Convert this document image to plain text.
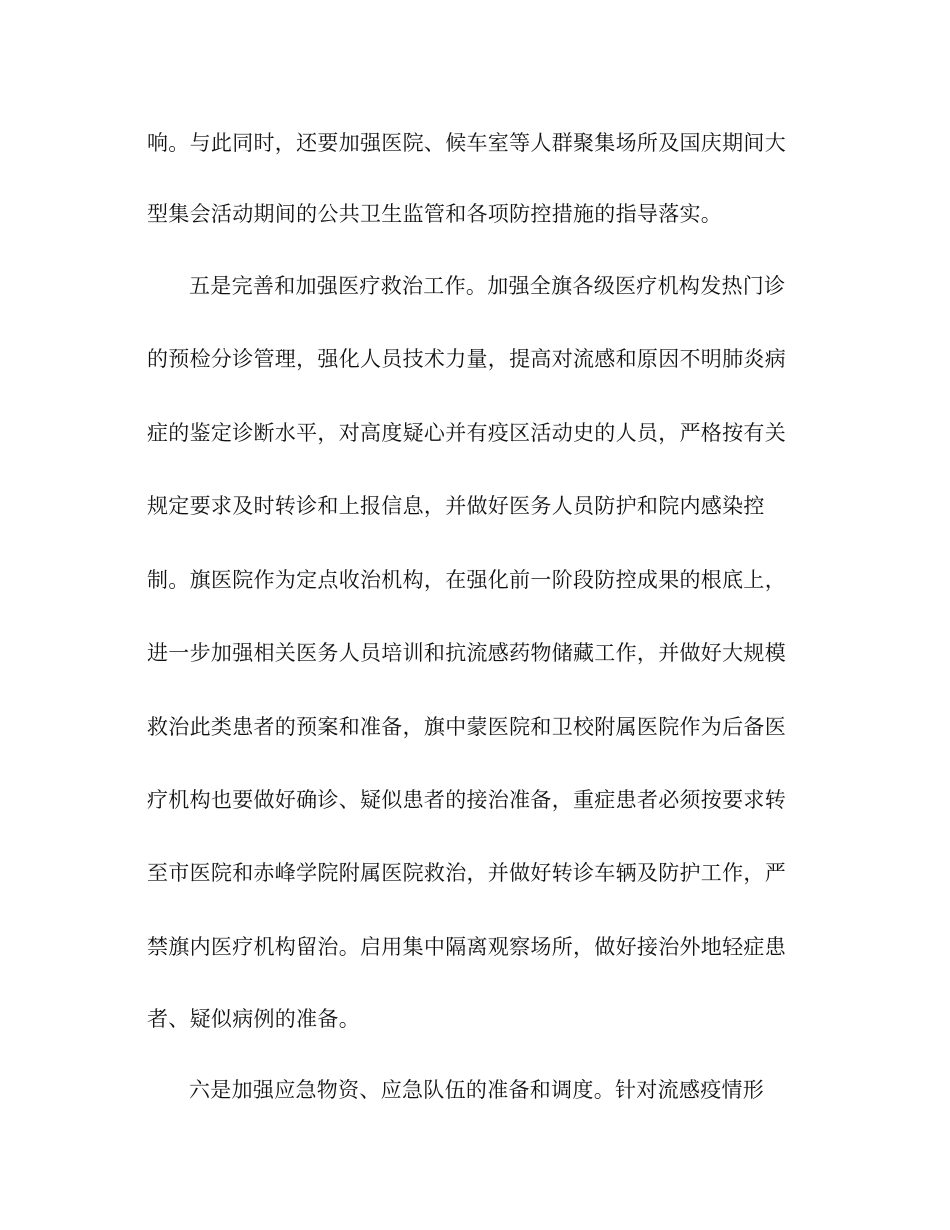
响。与此同时，还要加强医院、候车室等人群聚集场所及国庆期间大
型集会活动期间的公共卫生监管和各项防控措施的指导落实。
五是完善和加强医疗救治工作。加强全旗各级医疗机构发热门诊
的预检分诊管理，强化人员技术力量，提高对流感和原因不明肺炎病
症的鉴定诊断水平，对高度疑心并有疫区活动史的人员，严格按有关
规定要求及时转诊和上报信息，并做好医务人员防护和院内感染控
制。旗医院作为定点收治机构，在强化前一阶段防控成果的根底上，
进一步加强相关医务人员培训和抗流感药物储藏工作，并做好大规模
救治此类患者的预案和准备，旗中蒙医院和卫校附属医院作为后备医
疗机构也要做好确诊、疑似患者的接治准备，重症患者必须按要求转
至市医院和赤峰学院附属医院救治，并做好转诊车辆及防护工作，严
禁旗内医疗机构留治。启用集中隔离观察场所，做好接治外地轻症患
者、疑似病例的准备。
六是加强应急物资、应急队伍的准备和调度。针对流感疫情形
